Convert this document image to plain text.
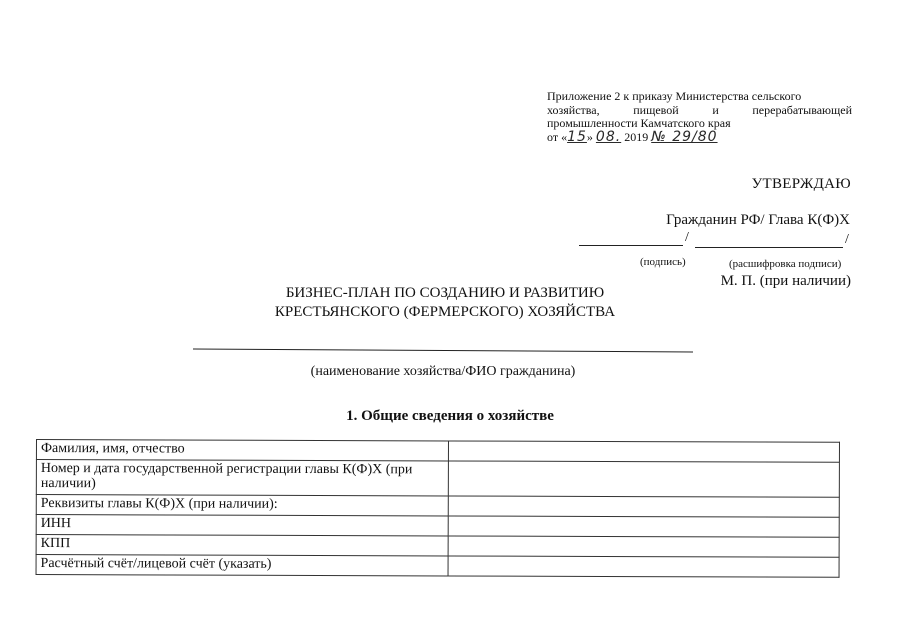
Приложение 2 к приказу Министерства сельского
хозяйства, пищевой и перерабатывающей
промышленности Камчатского края
от «15» 08. 2019 № 29/80
УТВЕРЖДАЮ
Гражданин РФ/ Глава К(Ф)Х
/	/
(подпись)	(расшифровка подписи)
М. П. (при наличии)
БИЗНЕС-ПЛАН ПО СОЗДАНИЮ И РАЗВИТИЮ
КРЕСТЬЯНСКОГО (ФЕРМЕРСКОГО) ХОЗЯЙСТВА
(наименование хозяйства/ФИО гражданина)
1. Общие сведения о хозяйстве
Фамилия, имя, отчество	
Номер и дата государственной регистрации главы К(Ф)Х (при наличии)	
Реквизиты главы К(Ф)Х (при наличии):	
ИНН	
КПП	
Расчётный счёт/лицевой счёт (указать)	
